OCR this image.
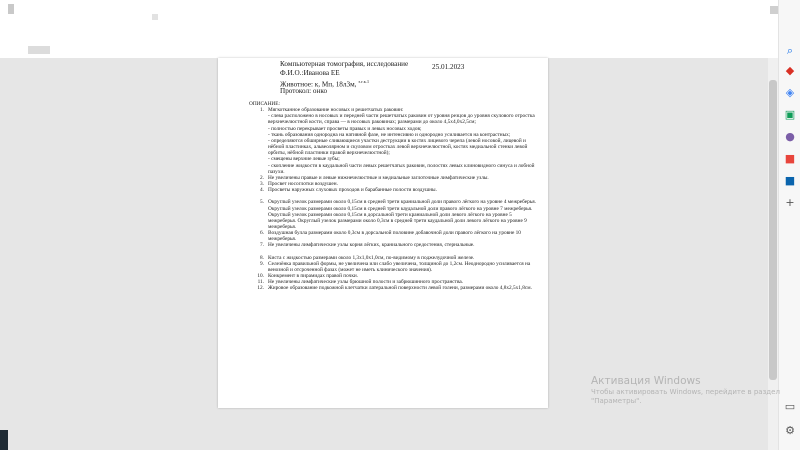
⌕
◆
◈
▣
●
■
■
+
▭
⚙
Компьютерная томография, исследование	25.01.2023
Ф.И.О.:Иванова ЕЕ
Животное: к, Мп, 18л3м, $^{з.г.к.1}$
Протокол: онко
ОПИСАНИЕ:
1. Мягкотканное образование носовых и решетчатых раковин:
- слева расположено в носовых и передней части решетчатых раковин от уровня резцов до уровня скулового отростка верхнечелюстной кости, справа — в носовых раковинах; размерами до около 4,5х4,0х2,5см;
- полностью перекрывает просветы правых и левых носовых ходов;
- ткань образования однородна на нативной фазе, не интенсивно и однородно усиливается на контрастных;
- определяются обширные сливающиеся участки деструкции в костях лицевого черепа (левой носовой, лицевой и нёбной пластинках, альвеолярном и скуловом отростках левой верхнечелюстной, костях медиальной стенки левой орбиты, нёбной пластинки правой верхнечелюстной);
- смещены верхние левые зубы;
- скопление жидкости в каудальной части левых решетчатых раковин, полостях левых клиновидного синуса и лобной пазухи.
2. Не увеличены правые и левые нижнечелюстные и медиальные заглоточные лимфатические узлы.
3. Просвет носоглотки воздушен.
4. Просветы наружных слуховых проходов и барабанные полости воздушны.
5. Округлый узелок размерами около 0,15см в средней трети краниальной доли правого лёгкого на уровне 4 межреберья. Округлый узелок размерами около 0,15см в средней трети каудальной доли правого лёгкого на уровне 7 межреберья. Округлый узелок размерами около 0,15см в дорсальной трети краниальной доли левого лёгкого на уровне 5 межреберья. Округлый узелок размерами около 0,3см в средней трети каудальной доли левого лёгкого на уровне 9 межреберья.
6. Воздушная булла размерами около 0,3см в дорсальной половине добавочной доли правого лёгкого на уровне 10 межреберья.
7. Не увеличены лимфатические узлы корня лёгких, краниального средостения, стернальные.
8. Киста с жидкостью размерами около 1,3х1,0х1,0см, по-видимому в поджелудочной железе.
9. Селезёнка правильной формы, не увеличена или слабо увеличена, толщиной до 1,2см. Неоднородно усиливается на венозной и отсроченной фазах (может не иметь клинического значения).
10. Конкремент в пирамидах правой почки.
11. Не увеличены лимфатические узлы брюшной полости и забрюшинного пространства.
12. Жировое образование подкожной клетчатки латеральной поверхности левой голени, размерами около 4,8х2,5х1,8см.
Активация Windows
Чтобы активировать Windows, перейдите в раздел
"Параметры".
